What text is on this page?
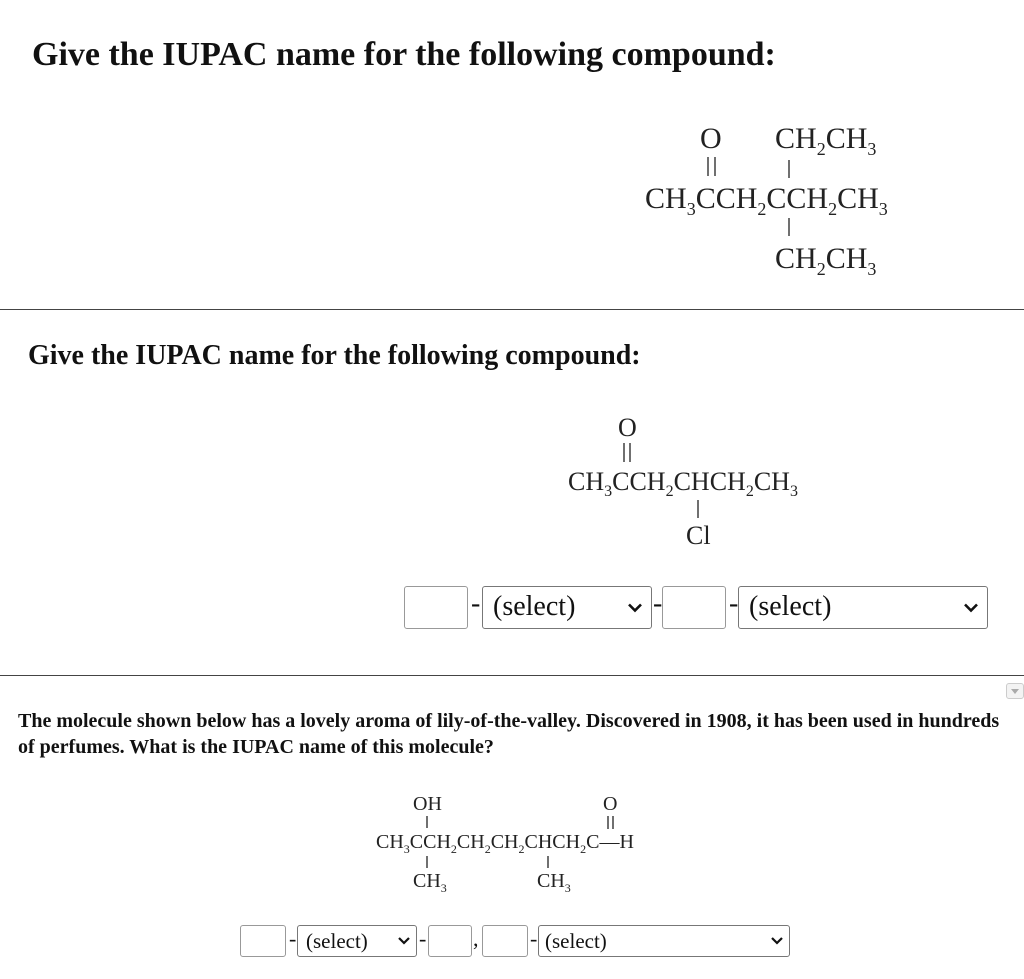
Give the IUPAC name for the following compound:
O $CH_2CH_3$
$CH_3CCH_2CCH_2CH_3$
$CH_2CH_3$
Give the IUPAC name for the following compound:
O
$CH_3CCH_2CHCH_2CH_3$
Cl
- (select)	- - (select)

The molecule shown below has a lovely aroma of lily-of-the-valley. Discovered in 1908, it has been used in hundreds of perfumes. What is the IUPAC name of this molecule?

OH	O
$CH_3CCH_2CH_2CH_2CHCH_2C—H$
$CH_3$	$CH_3$
- (select) - , - (select)
